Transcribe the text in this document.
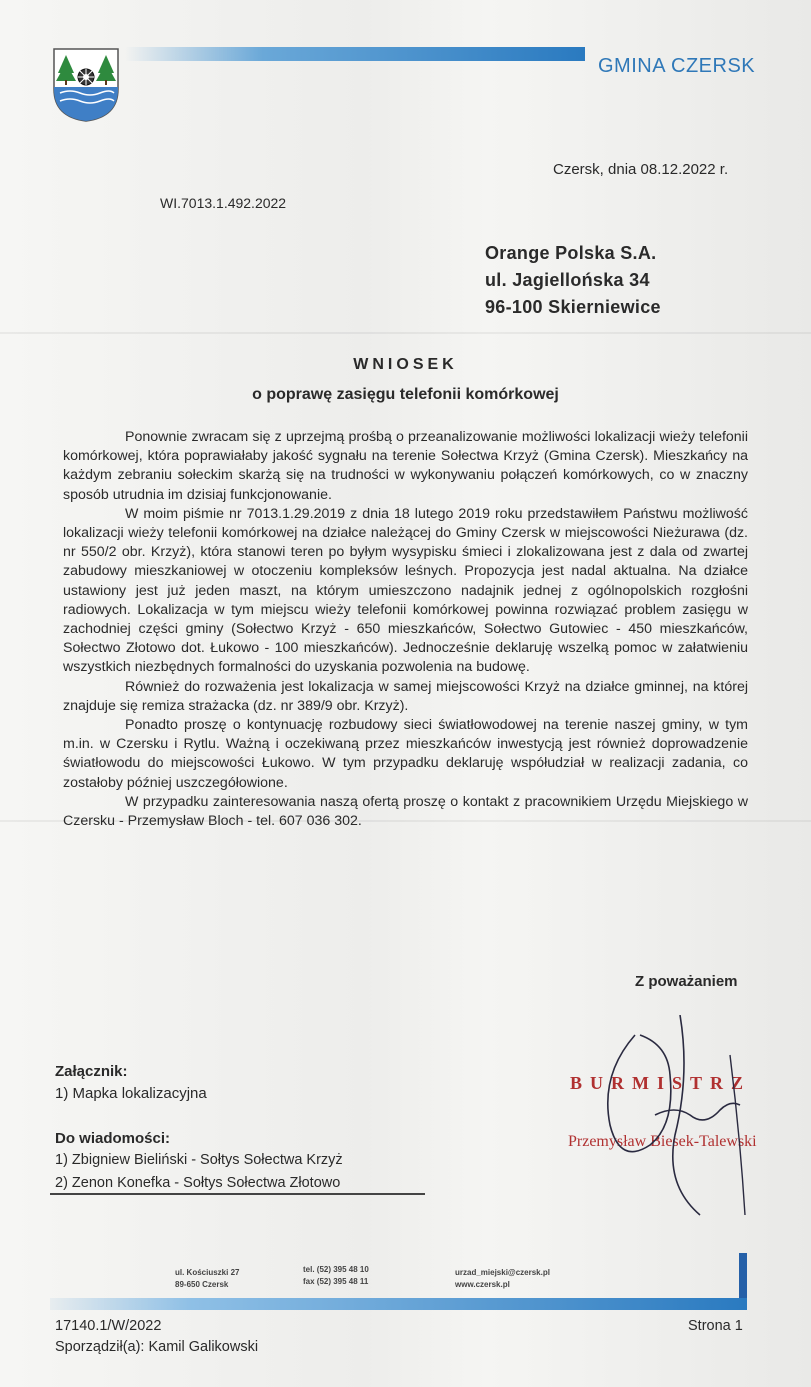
GMINA CZERSK
Czersk, dnia 08.12.2022 r.
WI.7013.1.492.2022
Orange Polska S.A.
ul. Jagiellońska 34
96-100 Skierniewice
WNIOSEK
o poprawę zasięgu telefonii komórkowej

Ponownie zwracam się z uprzejmą prośbą o przeanalizowanie możliwości lokalizacji wieży telefonii komórkowej, która poprawiałaby jakość sygnału na terenie Sołectwa Krzyż (Gmina Czersk). Mieszkańcy na każdym zebraniu sołeckim skarżą się na trudności w wykonywaniu połączeń komórkowych, co w znaczny sposób utrudnia im dzisiaj funkcjonowanie.

W moim piśmie nr 7013.1.29.2019 z dnia 18 lutego 2019 roku przedstawiłem Państwu możliwość lokalizacji wieży telefonii komórkowej na działce należącej do Gminy Czersk w miejscowości Nieżurawa (dz. nr 550/2 obr. Krzyż), która stanowi teren po byłym wysypisku śmieci i zlokalizowana jest z dala od zwartej zabudowy mieszkaniowej w otoczeniu kompleksów leśnych. Propozycja jest nadal aktualna. Na działce ustawiony jest już jeden maszt, na którym umieszczono nadajnik jednej z ogólnopolskich rozgłośni radiowych. Lokalizacja w tym miejscu wieży telefonii komórkowej powinna rozwiązać problem zasięgu w zachodniej części gminy (Sołectwo Krzyż - 650 mieszkańców, Sołectwo Gutowiec - 450 mieszkańców, Sołectwo Złotowo dot. Łukowo - 100 mieszkańców). Jednocześnie deklaruję wszelką pomoc w załatwieniu wszystkich niezbędnych formalności do uzyskania pozwolenia na budowę.

Również do rozważenia jest lokalizacja w samej miejscowości Krzyż na działce gminnej, na której znajduje się remiza strażacka (dz. nr 389/9 obr. Krzyż).

Ponadto proszę o kontynuację rozbudowy sieci światłowodowej na terenie naszej gminy, w tym m.in. w Czersku i Rytlu. Ważną i oczekiwaną przez mieszkańców inwestycją jest również doprowadzenie światłowodu do miejscowości Łukowo. W tym przypadku deklaruję współudział w realizacji zadania, co zostałoby później uszczegółowione.

W przypadku zainteresowania naszą ofertą proszę o kontakt z pracownikiem Urzędu Miejskiego w Czersku - Przemysław Bloch - tel. 607 036 302.

Z poważaniem
Załącznik:
1) Mapka lokalizacyjna
Do wiadomości:
1) Zbigniew Bieliński - Sołtys Sołectwa Krzyż
2) Zenon Konefka - Sołtys Sołectwa Złotowo
BURMISTRZ
Przemysław Biesek-Talewski
ul. Kościuszki 27
89-650 Czersk
tel. (52) 395 48 10
fax (52) 395 48 11
urzad_miejski@czersk.pl
www.czersk.pl
17140.1/W/2022
Sporządził(a): Kamil Galikowski
Strona 1
